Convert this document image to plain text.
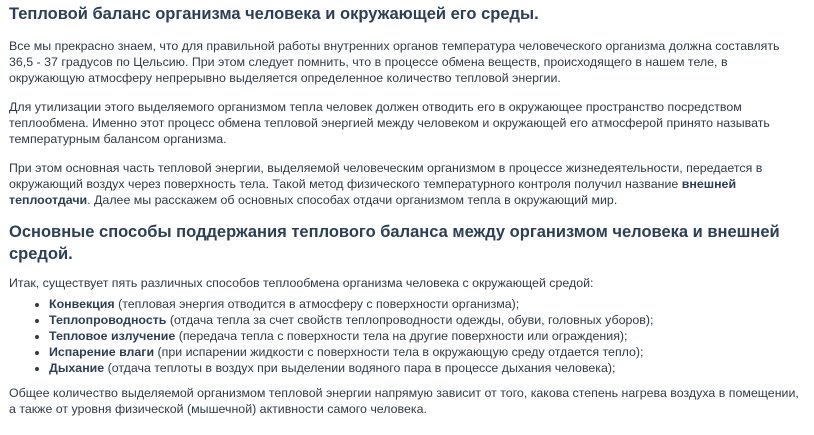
Тепловой баланс организма человека и окружающей его среды.

Все мы прекрасно знаем, что для правильной работы внутренних органов температура человеческого организма должна составлять 36,5 - 37 градусов по Цельсию. При этом следует помнить, что в процессе обмена веществ, происходящего в нашем теле, в окружающую атмосферу непрерывно выделяется определенное количество тепловой энергии.

Для утилизации этого выделяемого организмом тепла человек должен отводить его в окружающее пространство посредством теплообмена. Именно этот процесс обмена тепловой энергией между человеком и окружающей его атмосферой принято называть температурным балансом организма.

При этом основная часть тепловой энергии, выделяемой человеческим организмом в процессе жизнедеятельности, передается в окружающий воздух через поверхность тела. Такой метод физического температурного контроля получил название внешней теплоотдачи. Далее мы расскажем об основных способах отдачи организмом тепла в окружающий мир.

Основные способы поддержания теплового баланса между организмом человека и внешней средой.

Итак, существует пять различных способов теплообмена организма человека с окружающей средой:

• Конвекция (тепловая энергия отводится в атмосферу с поверхности организма);
• Теплопроводность (отдача тепла за счет свойств теплопроводности одежды, обуви, головных уборов);
• Тепловое излучение (передача тепла с поверхности тела на другие поверхности или ограждения);
• Испарение влаги (при испарении жидкости с поверхности тела в окружающую среду отдается тепло);
• Дыхание (отдача теплоты в воздух при выделении водяного пара в процессе дыхания человека);

Общее количество выделяемой организмом тепловой энергии напрямую зависит от того, какова степень нагрева воздуха в помещении, а также от уровня физической (мышечной) активности самого человека.
